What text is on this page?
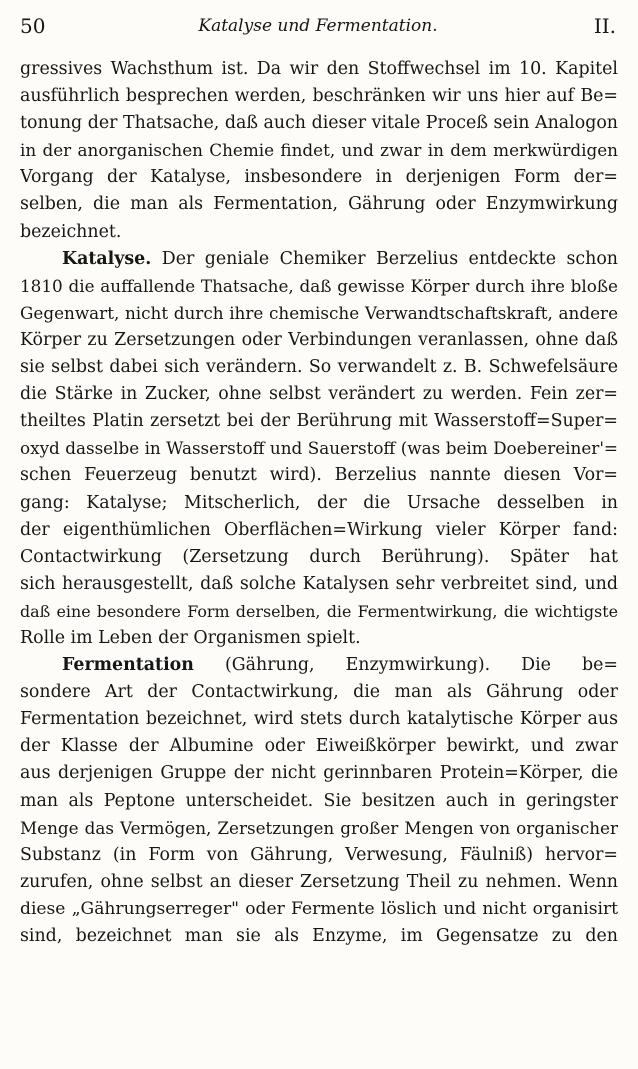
50	Katalyse und Fermentation.	II.
gressives Wachsthum ist. Da wir den Stoffwechsel im 10. Kapitel
ausführlich besprechen werden, beschränken wir uns hier auf Be=
tonung der Thatsache, daß auch dieser vitale Proceß sein Analogon
in der anorganischen Chemie findet, und zwar in dem merkwürdigen
Vorgang der Katalyse, insbesondere in derjenigen Form der=
selben, die man als Fermentation, Gährung oder Enzymwirkung
bezeichnet.
Katalyse. Der geniale Chemiker Berzelius entdeckte schon
1810 die auffallende Thatsache, daß gewisse Körper durch ihre bloße
Gegenwart, nicht durch ihre chemische Verwandtschaftskraft, andere
Körper zu Zersetzungen oder Verbindungen veranlassen, ohne daß
sie selbst dabei sich verändern. So verwandelt z. B. Schwefelsäure
die Stärke in Zucker, ohne selbst verändert zu werden. Fein zer=
theiltes Platin zersetzt bei der Berührung mit Wasserstoff=Super=
oxyd dasselbe in Wasserstoff und Sauerstoff (was beim Doebereiner'=
schen Feuerzeug benutzt wird). Berzelius nannte diesen Vor=
gang: Katalyse; Mitscherlich, der die Ursache desselben in
der eigenthümlichen Oberflächen=Wirkung vieler Körper fand:
Contactwirkung (Zersetzung durch Berührung). Später hat
sich herausgestellt, daß solche Katalysen sehr verbreitet sind, und
daß eine besondere Form derselben, die Fermentwirkung, die wichtigste
Rolle im Leben der Organismen spielt.
Fermentation (Gährung, Enzymwirkung). Die be=
sondere Art der Contactwirkung, die man als Gährung oder
Fermentation bezeichnet, wird stets durch katalytische Körper aus
der Klasse der Albumine oder Eiweißkörper bewirkt, und zwar
aus derjenigen Gruppe der nicht gerinnbaren Protein=Körper, die
man als Peptone unterscheidet. Sie besitzen auch in geringster
Menge das Vermögen, Zersetzungen großer Mengen von organischer
Substanz (in Form von Gährung, Verwesung, Fäulniß) hervor=
zurufen, ohne selbst an dieser Zersetzung Theil zu nehmen. Wenn
diese „Gährungserreger" oder Fermente löslich und nicht organisirt
sind, bezeichnet man sie als Enzyme, im Gegensatze zu den
